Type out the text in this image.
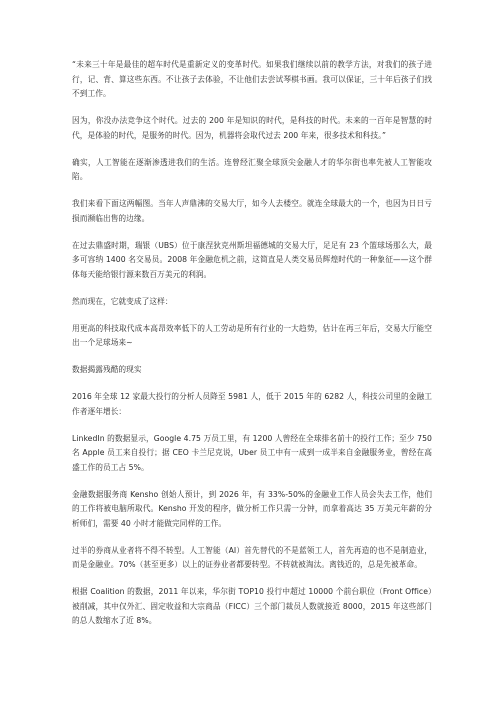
“未来三十年是最佳的超车时代是重新定义的变革时代。如果我们继续以前的教学方法，对我们的孩子进行，记、背、算这些东西。不让孩子去体验，不让他们去尝试琴棋书画。我可以保证，三十年后孩子们找不到工作。

因为，你没办法竞争这个时代。过去的 200 年是知识的时代，是科技的时代。未来的一百年是智慧的时代，是体验的时代，是服务的时代。因为，机器将会取代过去 200 年来，很多技术和科技。”

确实，人工智能在逐渐渗透进我们的生活。连曾经汇聚全球顶尖金融人才的华尔街也率先被人工智能攻陷。

我们来看下面这两幅图。当年人声鼎沸的交易大厅，如今人去楼空。就连全球最大的一个，也因为日日亏损而濒临出售的边缘。

在过去鼎盛时期，瑞银（UBS）位于康涅狄克州斯坦福德城的交易大厅，足足有 23 个篮球场那么大，最多可容纳 1400 名交易员。2008 年金融危机之前，这简直是人类交易员辉煌时代的一种象征——这个群体每天能给银行源来数百万美元的利润。

然而现在，它就变成了这样：

用更高的科技取代成本高昂效率低下的人工劳动是所有行业的一大趋势，估计在再三年后，交易大厅能空出一个足球场来~

数据揭露残酷的现实

2016 年全球 12 家最大投行的分析人员降至 5981 人，低于 2015 年的 6282 人，科技公司里的金融工作者逐年增长：

LinkedIn 的数据显示，Google 4.75 万员工里，有 1200 人曾经在全球排名前十的投行工作；至少 750 名 Apple 员工来自投行；据 CEO 卡兰尼克说，Uber 员工中有一成到一成半来自金融服务业，曾经在高盛工作的员工占 5%。

金融数据服务商 Kensho 创始人预计，到 2026 年，有 33%-50%的金融业工作人员会失去工作，他们的工作将被电脑所取代。Kensho 开发的程序，做分析工作只需一分钟，而拿着高达 35 万美元年薪的分析师们，需要 40 小时才能做完同样的工作。

过半的券商从业者将不得不转型。人工智能（AI）首先替代的不是蓝领工人，首先再造的也不是制造业，而是金融业。70%（甚至更多）以上的证券业者都要转型。不转就被淘汰。离钱近的，总是先被革命。

根据 Coalition 的数据，2011 年以来，华尔街 TOP10 投行中超过 10000 个前台职位（Front Office）被削减，其中仅外汇、固定收益和大宗商品（FICC）三个部门裁员人数就接近 8000，2015 年这些部门的总人数缩水了近 8%。
